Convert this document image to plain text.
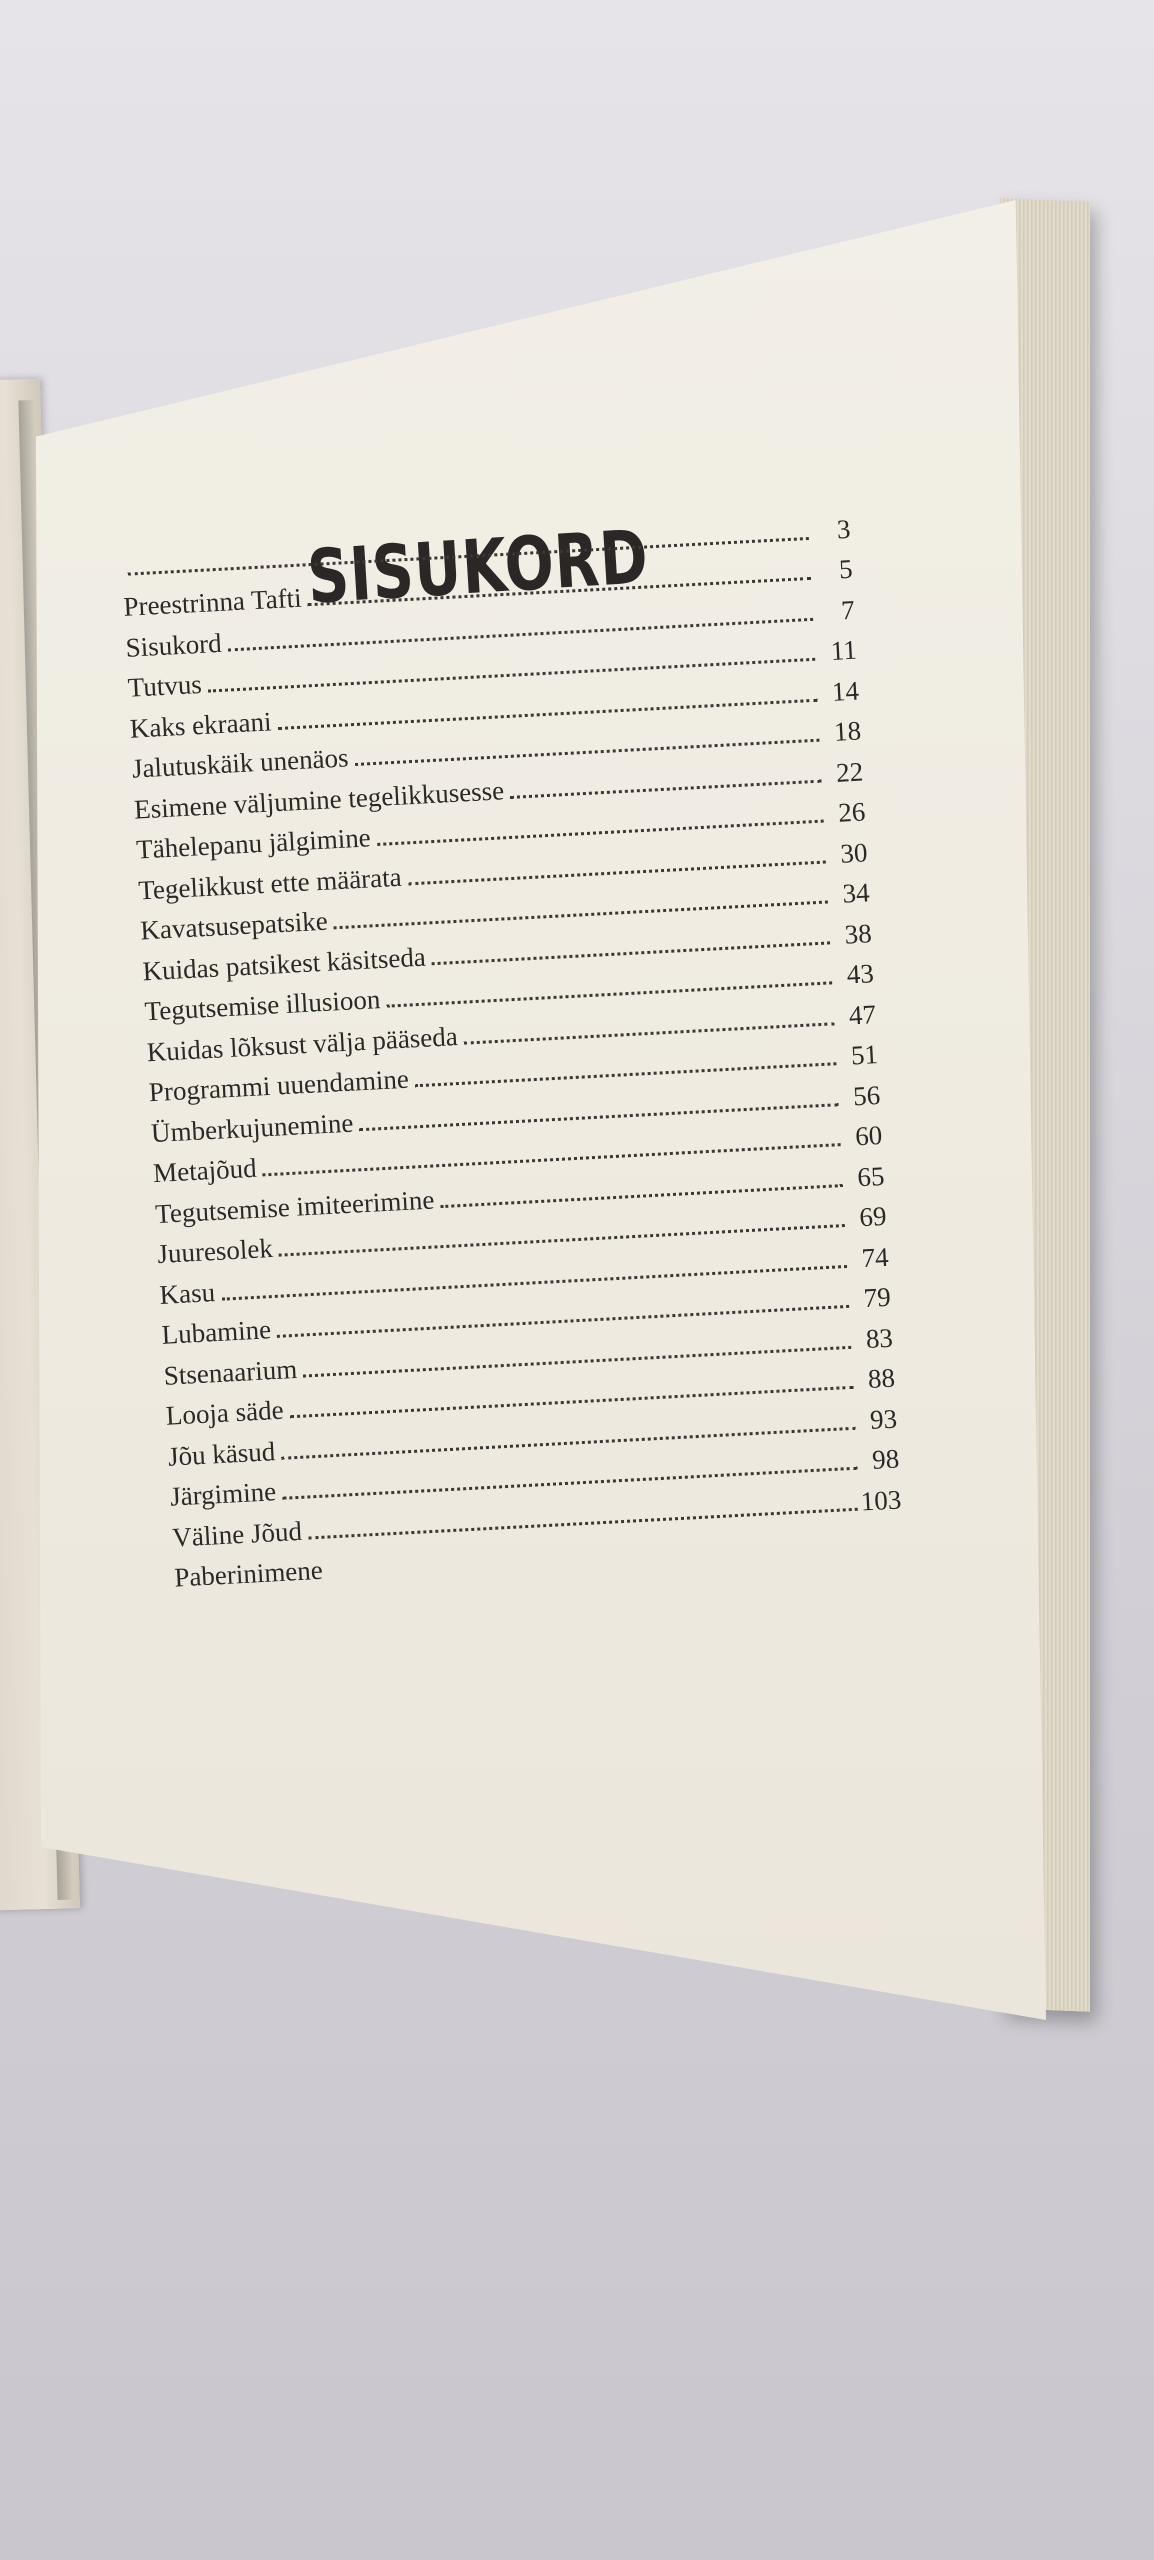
SISUKORD	3
Preestrinna Tafti
5
Sisukord
7
Tutvus
11
Kaks ekraani
14
Jalutuskäik unenäos
18
Esimene väljumine tegelikkusesse
22
Tähelepanu jälgimine
26
Tegelikkust ette määrata
30
Kavatsusepatsike
34
Kuidas patsikest käsitseda
38
Tegutsemise illusioon
43
Kuidas lõksust välja pääseda
47
Programmi uuendamine
51
Ümberkujunemine
56
Metajõud
60
Tegutsemise imiteerimine
65
Juuresolek
69
Kasu
74
Lubamine
79
Stsenaarium
83
Looja säde
88
Jõu käsud
93
Järgimine
98
Väline Jõud
103
Paberinimene
